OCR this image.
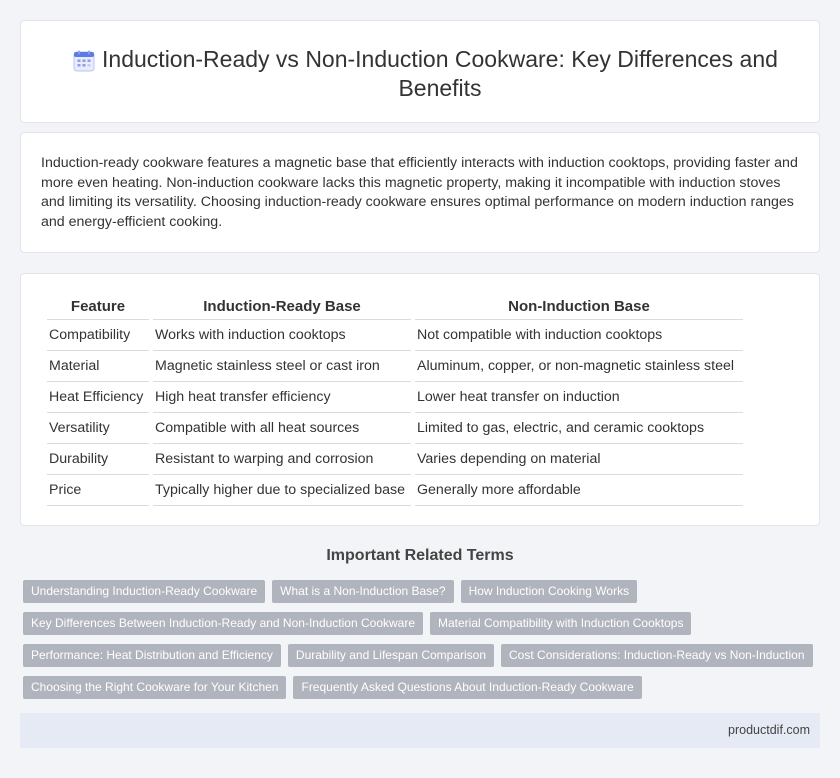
Induction-Ready vs Non-Induction Cookware: Key Differences and Benefits

Induction-ready cookware features a magnetic base that efficiently interacts with induction cooktops, providing faster and more even heating. Non-induction cookware lacks this magnetic property, making it incompatible with induction stoves and limiting its versatility. Choosing induction-ready cookware ensures optimal performance on modern induction ranges and energy-efficient cooking.

Feature	Induction-Ready Base	Non-Induction Base
Compatibility	Works with induction cooktops	Not compatible with induction cooktops
Material	Magnetic stainless steel or cast iron	Aluminum, copper, or non-magnetic stainless steel
Heat Efficiency	High heat transfer efficiency	Lower heat transfer on induction
Versatility	Compatible with all heat sources	Limited to gas, electric, and ceramic cooktops
Durability	Resistant to warping and corrosion	Varies depending on material
Price	Typically higher due to specialized base	Generally more affordable
Important Related Terms
Understanding Induction-Ready Cookware	What is a Non-Induction Base?	How Induction Cooking Works
Key Differences Between Induction-Ready and Non-Induction Cookware	Material Compatibility with Induction Cooktops
Performance: Heat Distribution and Efficiency	Durability and Lifespan Comparison	Cost Considerations: Induction-Ready vs Non-Induction
Choosing the Right Cookware for Your Kitchen	Frequently Asked Questions About Induction-Ready Cookware
productdif.com
